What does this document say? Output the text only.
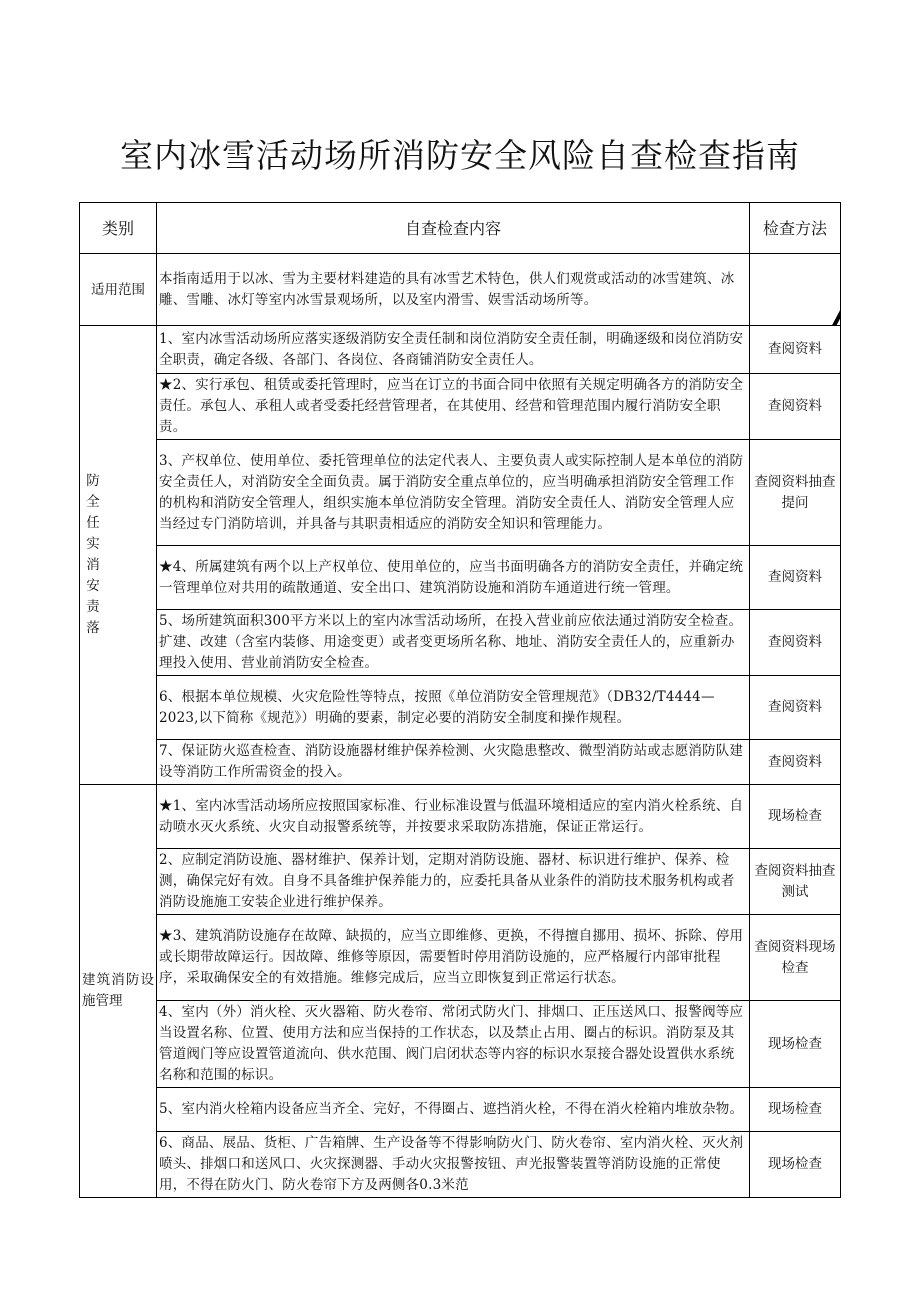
室内冰雪活动场所消防安全风险自查检查指南
类别	自查检查内容	检查方法
适用范围	本指南适用于以冰、雪为主要材料建造的具有冰雪艺术特色，供人们观赏或活动的冰雪建筑、冰雕、雪雕、冰灯等室内冰雪景观场所，以及室内滑雪、娱雪活动场所等。	

防全任实消安责落	1、室内冰雪活动场所应落实逐级消防安全责任制和岗位消防安全责任制，明确逐级和岗位消防安全职责，确定各级、各部门、各岗位、各商铺消防安全责任人。	查阅资料
	★2、实行承包、租赁或委托管理时，应当在订立的书面合同中依照有关规定明确各方的消防安全责任。承包人、承租人或者受委托经营管理者，在其使用、经营和管理范围内履行消防安全职责。	查阅资料
	3、产权单位、使用单位、委托管理单位的法定代表人、主要负责人或实际控制人是本单位的消防安全责任人，对消防安全全面负责。属于消防安全重点单位的，应当明确承担消防安全管理工作的机构和消防安全管理人，组织实施本单位消防安全管理。消防安全责任人、消防安全管理人应当经过专门消防培训，并具备与其职责相适应的消防安全知识和管理能力。	查阅资料抽查提问
	★4、所属建筑有两个以上产权单位、使用单位的，应当书面明确各方的消防安全责任，并确定统一管理单位对共用的疏散通道、安全出口、建筑消防设施和消防车通道进行统一管理。	查阅资料
	5、场所建筑面积300平方米以上的室内冰雪活动场所，在投入营业前应依法通过消防安全检查。扩建、改建（含室内装修、用途变更）或者变更场所名称、地址、消防安全责任人的，应重新办理投入使用、营业前消防安全检查。	查阅资料
	6、根据本单位规模、火灾危险性等特点，按照《单位消防安全管理规范》（DB32/T4444—2023,以下简称《规范》）明确的要素，制定必要的消防安全制度和操作规程。	查阅资料
	7、保证防火巡查检查、消防设施器材维护保养检测、火灾隐患整改、微型消防站或志愿消防队建设等消防工作所需资金的投入。	查阅资料
建筑消防设施管理	★1、室内冰雪活动场所应按照国家标准、行业标准设置与低温环境相适应的室内消火栓系统、自动喷水灭火系统、火灾自动报警系统等，并按要求采取防冻措施，保证正常运行。	现场检查
	2、应制定消防设施、器材维护、保养计划，定期对消防设施、器材、标识进行维护、保养、检测，确保完好有效。自身不具备维护保养能力的，应委托具备从业条件的消防技术服务机构或者消防设施施工安装企业进行维护保养。	查阅资料抽查测试
	★3、建筑消防设施存在故障、缺损的，应当立即维修、更换，不得擅自挪用、损坏、拆除、停用或长期带故障运行。因故障、维修等原因，需要暂时停用消防设施的，应严格履行内部审批程序，采取确保安全的有效措施。维修完成后，应当立即恢复到正常运行状态。	查阅资料现场检查
	4、室内（外）消火栓、灭火器箱、防火卷帘、常闭式防火门、排烟口、正压送风口、报警阀等应当设置名称、位置、使用方法和应当保持的工作状态，以及禁止占用、圈占的标识。消防泵及其管道阀门等应设置管道流向、供水范围、阀门启闭状态等内容的标识水泵接合器处设置供水系统名称和范围的标识。	现场检查
	5、室内消火栓箱内设备应当齐全、完好，不得圈占、遮挡消火栓，不得在消火栓箱内堆放杂物。	现场检查
	6、商品、展品、货柜、广告箱牌、生产设备等不得影响防火门、防火卷帘、室内消火栓、灭火剂喷头、排烟口和送风口、火灾探测器、手动火灾报警按钮、声光报警装置等消防设施的正常使用，不得在防火门、防火卷帘下方及两侧各0.3米范	现场检查
